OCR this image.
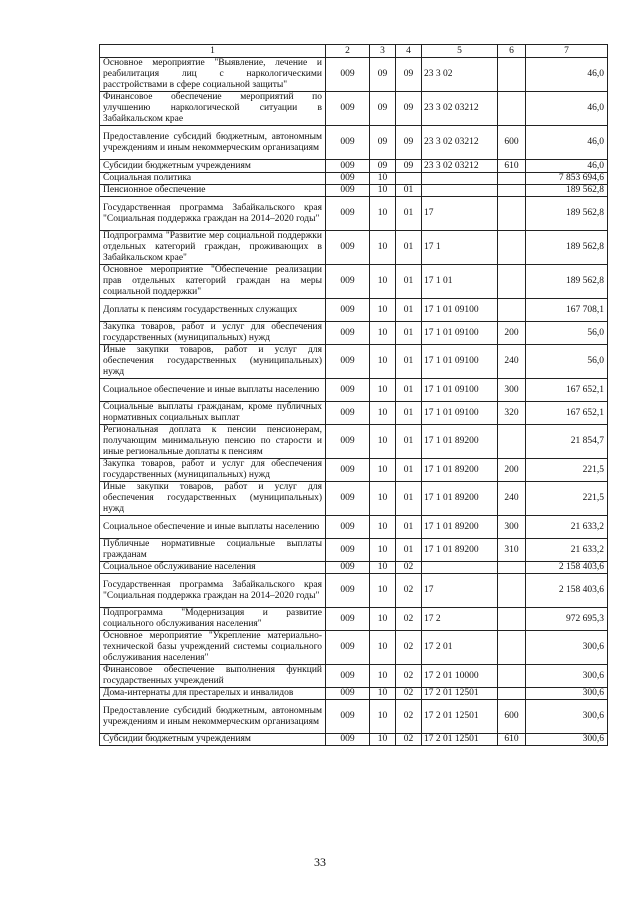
1	2	3	4	5	6	7
Основное мероприятие "Выявление, лечение и реабилитация лиц с наркологическими расстройствами в сфере социальной защиты"	009	09	09	23 3 02		46,0
Финансовое обеспечение мероприятий по улучшению наркологической ситуации в Забайкальском крае	009	09	09	23 3 02 03212		46,0
Предоставление субсидий бюджетным, автономным учреждениям и иным некоммерческим организациям	009	09	09	23 3 02 03212	600	46,0
Субсидии бюджетным учреждениям	009	09	09	23 3 02 03212	610	46,0
Социальная политика	009	10				7 853 694,6
Пенсионное обеспечение	009	10	01			189 562,8
Государственная программа Забайкальского края "Социальная поддержка граждан на 2014–2020 годы"	009	10	01	17		189 562,8
Подпрограмма "Развитие мер социальной поддержки отдельных категорий граждан, проживающих в Забайкальском крае"	009	10	01	17 1		189 562,8
Основное мероприятие "Обеспечение реализации прав отдельных категорий граждан на меры социальной поддержки"	009	10	01	17 1 01		189 562,8
Доплаты к пенсиям государственных служащих	009	10	01	17 1 01 09100		167 708,1
Закупка товаров, работ и услуг для обеспечения государственных (муниципальных) нужд	009	10	01	17 1 01 09100	200	56,0
Иные закупки товаров, работ и услуг для обеспечения государственных (муниципальных) нужд	009	10	01	17 1 01 09100	240	56,0
Социальное обеспечение и иные выплаты населению	009	10	01	17 1 01 09100	300	167 652,1
Социальные выплаты гражданам, кроме публичных нормативных социальных выплат	009	10	01	17 1 01 09100	320	167 652,1
Региональная доплата к пенсии пенсионерам, получающим минимальную пенсию по старости и иные региональные доплаты к пенсиям	009	10	01	17 1 01 89200		21 854,7
Закупка товаров, работ и услуг для обеспечения государственных (муниципальных) нужд	009	10	01	17 1 01 89200	200	221,5
Иные закупки товаров, работ и услуг для обеспечения государственных (муниципальных) нужд	009	10	01	17 1 01 89200	240	221,5
Социальное обеспечение и иные выплаты населению	009	10	01	17 1 01 89200	300	21 633,2
Публичные нормативные социальные выплаты гражданам	009	10	01	17 1 01 89200	310	21 633,2
Социальное обслуживание населения	009	10	02			2 158 403,6
Государственная программа Забайкальского края "Социальная поддержка граждан на 2014–2020 годы"	009	10	02	17		2 158 403,6
Подпрограмма "Модернизация и развитие социального обслуживания населения"	009	10	02	17 2		972 695,3
Основное мероприятие "Укрепление материально-технической базы учреждений системы социального обслуживания населения"	009	10	02	17 2 01		300,6
Финансовое обеспечение выполнения функций государственных учреждений	009	10	02	17 2 01 10000		300,6
Дома-интернаты для престарелых и инвалидов	009	10	02	17 2 01 12501		300,6
Предоставление субсидий бюджетным, автономным учреждениям и иным некоммерческим организациям	009	10	02	17 2 01 12501	600	300,6
Субсидии бюджетным учреждениям	009	10	02	17 2 01 12501	610	300,6
33
